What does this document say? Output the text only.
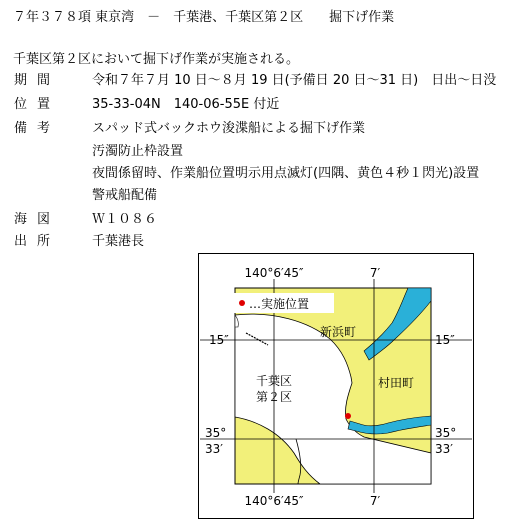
７年３７８項 東京湾　－　千葉港、千葉区第２区　　掘下げ作業
千葉区第２区において掘下げ作業が実施される。
期間 令和７年７月 10 日～８月 19 日(予備日 20 日～31 日)　日出～日没
位置 35-33-04N　140-06-55E 付近
備考 スパッド式バックホウ浚渫船による掘下げ作業
汚濁防止枠設置
夜間係留時、作業船位置明示用点滅灯(四隅、黄色４秒１閃光)設置
警戒船配備
海図 Ｗ１０８６
出所 千葉港長
140°6′45″	7′
140°6′45″	7′
15″	15″
35°
33′
35°
33′
…実施位置
新浜町
村田町
千葉区
第２区
